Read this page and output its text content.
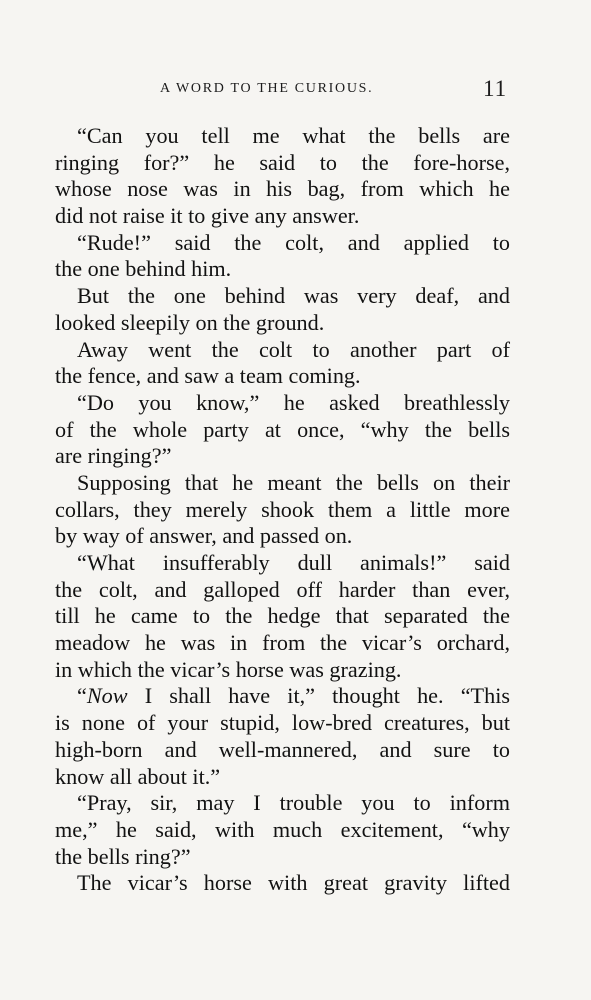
A WORD TO THE CURIOUS.	11
“Can you tell me what the bells are
ringing for?” he said to the fore-horse,
whose nose was in his bag, from which he
did not raise it to give any answer.
“Rude!” said the colt, and applied to
the one behind him.
But the one behind was very deaf, and
looked sleepily on the ground.
Away went the colt to another part of
the fence, and saw a team coming.
“Do you know,” he asked breathlessly
of the whole party at once, “why the bells
are ringing?”
Supposing that he meant the bells on their
collars, they merely shook them a little more
by way of answer, and passed on.
“What insufferably dull animals!” said
the colt, and galloped off harder than ever,
till he came to the hedge that separated the
meadow he was in from the vicar’s orchard,
in which the vicar’s horse was grazing.
“Now I shall have it,” thought he. “This
is none of your stupid, low-bred creatures, but
high-born and well-mannered, and sure to
know all about it.”
“Pray, sir, may I trouble you to inform
me,” he said, with much excitement, “why
the bells ring?”
The vicar’s horse with great gravity lifted
